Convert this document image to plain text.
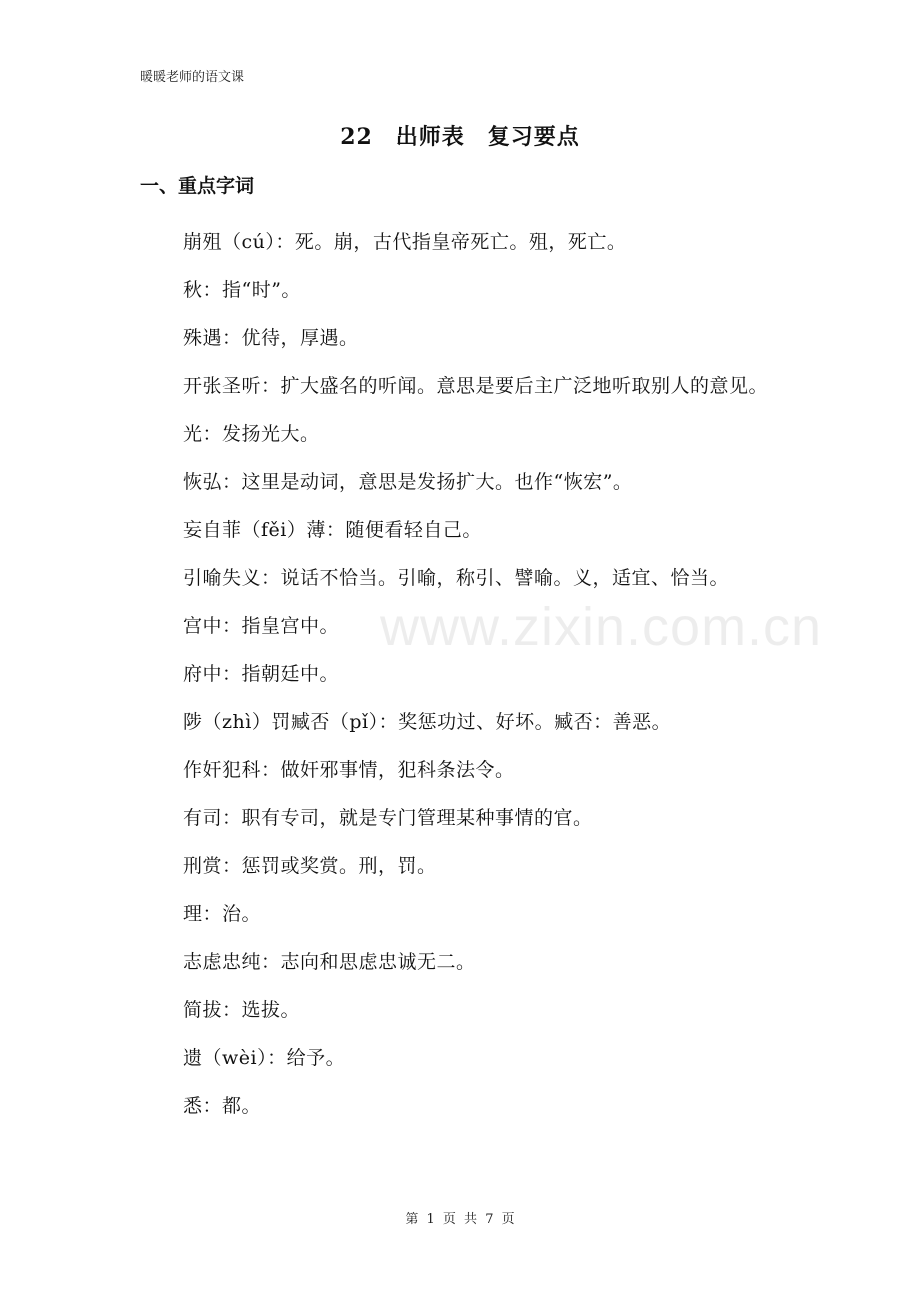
暖暖老师的语文课
22　出师表　复习要点
一、重点字词

崩殂（cú）：死。崩，古代指皇帝死亡。殂，死亡。

秋：指“时”。

殊遇：优待，厚遇。

开张圣听：扩大盛名的听闻。意思是要后主广泛地听取别人的意见。

光：发扬光大。

恢弘：这里是动词，意思是发扬扩大。也作“恢宏”。

妄自菲（fěi）薄：随便看轻自己。

引喻失义：说话不恰当。引喻，称引、譬喻。义，适宜、恰当。

宫中：指皇宫中。

府中：指朝廷中。

陟（zhì）罚臧否（pǐ）：奖惩功过、好坏。臧否：善恶。

作奸犯科：做奸邪事情，犯科条法令。

有司：职有专司，就是专门管理某种事情的官。

刑赏：惩罚或奖赏。刑，罚。

理：治。

志虑忠纯：志向和思虑忠诚无二。

简拔：选拔。

遗（wèi）：给予。

悉：都。

www.zixin.com.cn
第 1 页 共 7 页
